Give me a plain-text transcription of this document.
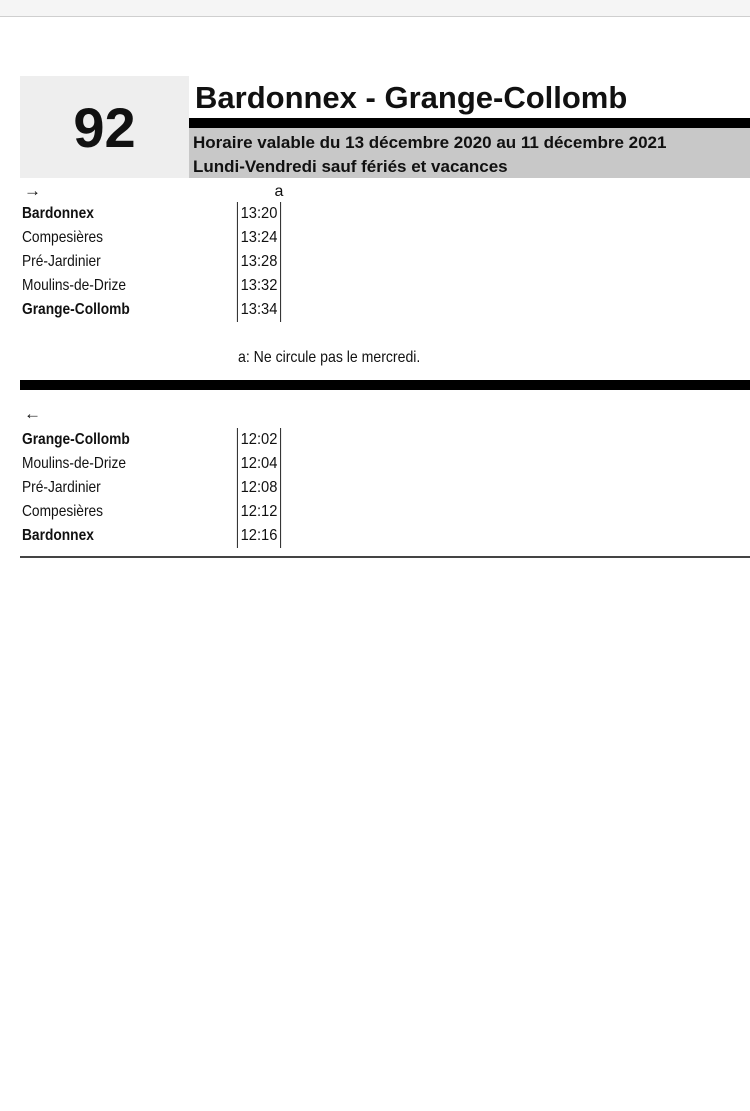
92	Bardonnex - Grange-Collomb
Horaire valable du 13 décembre 2020 au 11 décembre 2021
Lundi-Vendredi sauf fériés et vacances
→	a
Bardonnex	13:20
Compesières	13:24
Pré-Jardinier	13:28
Moulins-de-Drize	13:32
Grange-Collomb	13:34
a: Ne circule pas le mercredi.
←
Grange-Collomb	12:02
Moulins-de-Drize	12:04
Pré-Jardinier	12:08
Compesières	12:12
Bardonnex	12:16
